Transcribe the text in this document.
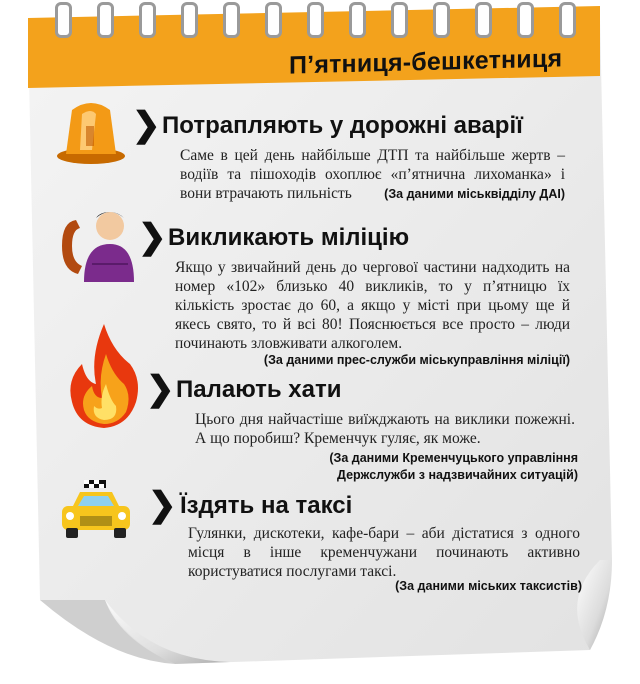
П’ятниця-бешкетниця
❯ Потрапляють у дорожні аварії
Саме в цей день найбільше ДТП та найбільше жертв – водіїв та пішоходів охоплює «п’ятнична лихоманка» і вони втрачають пильність	(За даними міськвідділу ДАІ)
❯ Викликають міліцію
Якщо у звичайний день до чергової частини надходить на номер «102» близько 40 викликів, то у п’ятницю їх кількість зростає до 60, а якщо у місті при цьому ще й якесь свято, то й всі 80! Пояснюється все просто – люди починають зловживати алкоголем.
(За даними прес-служби міськуправління міліції)
❯ Палають хати
Цього дня найчастіше виїжджають на виклики пожежні. А що поробиш? Кременчук гуляє, як може.
(За даними Кременчуцького управління Держслужби з надзвичайних ситуацій)
❯ Їздять на таксі
Гулянки, дискотеки, кафе-бари – аби дістатися з одного місця в інше кременчужани починають активно користуватися послугами таксі.
(За даними міських таксистів)
